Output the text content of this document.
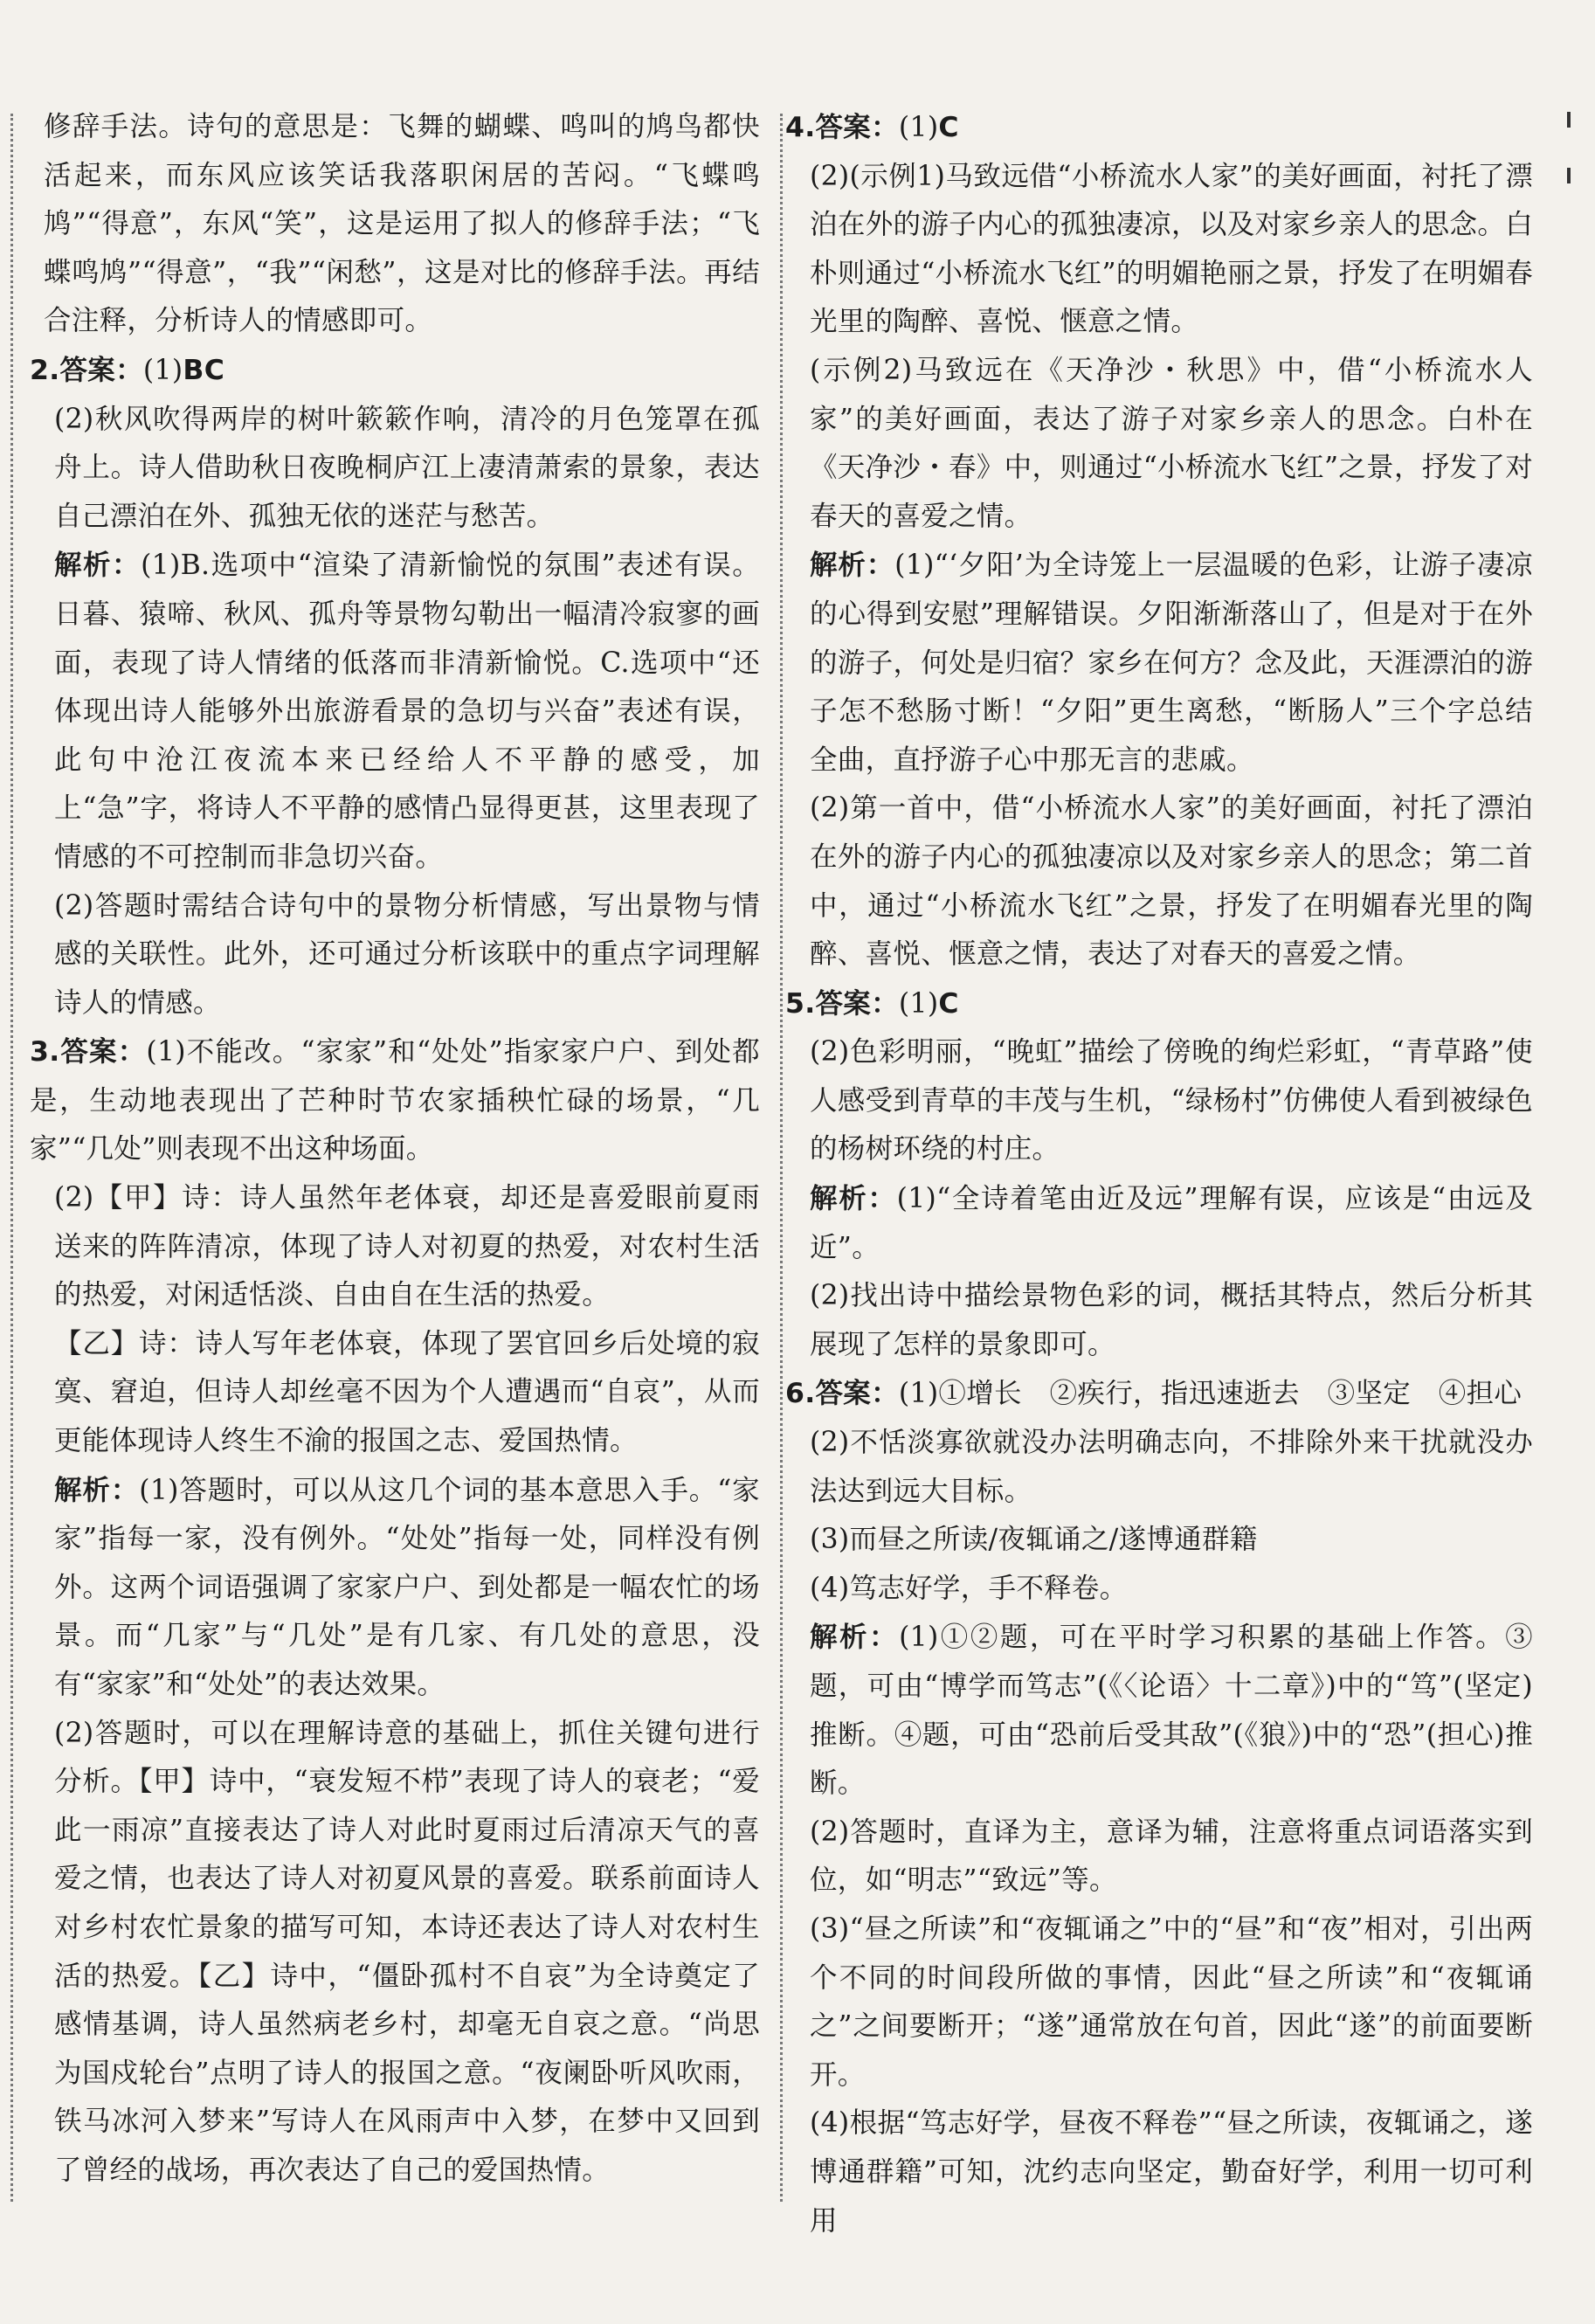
修辞手法。诗句的意思是：飞舞的蝴蝶、鸣叫的鸠鸟都快活起来，而东风应该笑话我落职闲居的苦闷。“飞蝶鸣鸠”“得意”，东风“笑”，这是运用了拟人的修辞手法；“飞蝶鸣鸠”“得意”，“我”“闲愁”，这是对比的修辞手法。再结合注释，分析诗人的情感即可。

2.答案：(1)BC

(2)秋风吹得两岸的树叶簌簌作响，清冷的月色笼罩在孤舟上。诗人借助秋日夜晚桐庐江上凄清萧索的景象，表达自己漂泊在外、孤独无依的迷茫与愁苦。

解析：(1)B.选项中“渲染了清新愉悦的氛围”表述有误。日暮、猿啼、秋风、孤舟等景物勾勒出一幅清冷寂寥的画面，表现了诗人情绪的低落而非清新愉悦。C.选项中“还体现出诗人能够外出旅游看景的急切与兴奋”表述有误，此句中沧江夜流本来已经给人不平静的感受，加上“急”字，将诗人不平静的感情凸显得更甚，这里表现了情感的不可控制而非急切兴奋。

(2)答题时需结合诗句中的景物分析情感，写出景物与情感的关联性。此外，还可通过分析该联中的重点字词理解诗人的情感。

3.答案：(1)不能改。“家家”和“处处”指家家户户、到处都是，生动地表现出了芒种时节农家插秧忙碌的场景，“几家”“几处”则表现不出这种场面。

(2)【甲】诗：诗人虽然年老体衰，却还是喜爱眼前夏雨送来的阵阵清凉，体现了诗人对初夏的热爱，对农村生活的热爱，对闲适恬淡、自由自在生活的热爱。

【乙】诗：诗人写年老体衰，体现了罢官回乡后处境的寂寞、窘迫，但诗人却丝毫不因为个人遭遇而“自哀”，从而更能体现诗人终生不渝的报国之志、爱国热情。

解析：(1)答题时，可以从这几个词的基本意思入手。“家家”指每一家，没有例外。“处处”指每一处，同样没有例外。这两个词语强调了家家户户、到处都是一幅农忙的场景。而“几家”与“几处”是有几家、有几处的意思，没有“家家”和“处处”的表达效果。

(2)答题时，可以在理解诗意的基础上，抓住关键句进行分析。【甲】诗中，“衰发短不栉”表现了诗人的衰老；“爱此一雨凉”直接表达了诗人对此时夏雨过后清凉天气的喜爱之情，也表达了诗人对初夏风景的喜爱。联系前面诗人对乡村农忙景象的描写可知，本诗还表达了诗人对农村生活的热爱。【乙】诗中，“僵卧孤村不自哀”为全诗奠定了感情基调，诗人虽然病老乡村，却毫无自哀之意。“尚思为国戍轮台”点明了诗人的报国之意。“夜阑卧听风吹雨，铁马冰河入梦来”写诗人在风雨声中入梦，在梦中又回到了曾经的战场，再次表达了自己的爱国热情。

4.答案：(1)C

(2)(示例1)马致远借“小桥流水人家”的美好画面，衬托了漂泊在外的游子内心的孤独凄凉，以及对家乡亲人的思念。白朴则通过“小桥流水飞红”的明媚艳丽之景，抒发了在明媚春光里的陶醉、喜悦、惬意之情。

(示例2)马致远在《天净沙・秋思》中，借“小桥流水人家”的美好画面，表达了游子对家乡亲人的思念。白朴在《天净沙・春》中，则通过“小桥流水飞红”之景，抒发了对春天的喜爱之情。

解析：(1)“‘夕阳’为全诗笼上一层温暖的色彩，让游子凄凉的心得到安慰”理解错误。夕阳渐渐落山了，但是对于在外的游子，何处是归宿？家乡在何方？念及此，天涯漂泊的游子怎不愁肠寸断！“夕阳”更生离愁，“断肠人”三个字总结全曲，直抒游子心中那无言的悲戚。

(2)第一首中，借“小桥流水人家”的美好画面，衬托了漂泊在外的游子内心的孤独凄凉以及对家乡亲人的思念；第二首中，通过“小桥流水飞红”之景，抒发了在明媚春光里的陶醉、喜悦、惬意之情，表达了对春天的喜爱之情。

5.答案：(1)C

(2)色彩明丽，“晚虹”描绘了傍晚的绚烂彩虹，“青草路”使人感受到青草的丰茂与生机，“绿杨村”仿佛使人看到被绿色的杨树环绕的村庄。

解析：(1)“全诗着笔由近及远”理解有误，应该是“由远及近”。

(2)找出诗中描绘景物色彩的词，概括其特点，然后分析其展现了怎样的景象即可。

6.答案：(1)①增长　②疾行，指迅速逝去　③坚定　④担心

(2)不恬淡寡欲就没办法明确志向，不排除外来干扰就没办法达到远大目标。

(3)而昼之所读/夜辄诵之/遂博通群籍

(4)笃志好学，手不释卷。

解析：(1)①②题，可在平时学习积累的基础上作答。③题，可由“博学而笃志”(《〈论语〉十二章》)中的“笃”(坚定)推断。④题，可由“恐前后受其敌”(《狼》)中的“恐”(担心)推断。

(2)答题时，直译为主，意译为辅，注意将重点词语落实到位，如“明志”“致远”等。

(3)“昼之所读”和“夜辄诵之”中的“昼”和“夜”相对，引出两个不同的时间段所做的事情，因此“昼之所读”和“夜辄诵之”之间要断开；“遂”通常放在句首，因此“遂”的前面要断开。

(4)根据“笃志好学，昼夜不释卷”“昼之所读，夜辄诵之，遂博通群籍”可知，沈约志向坚定，勤奋好学，利用一切可利用
